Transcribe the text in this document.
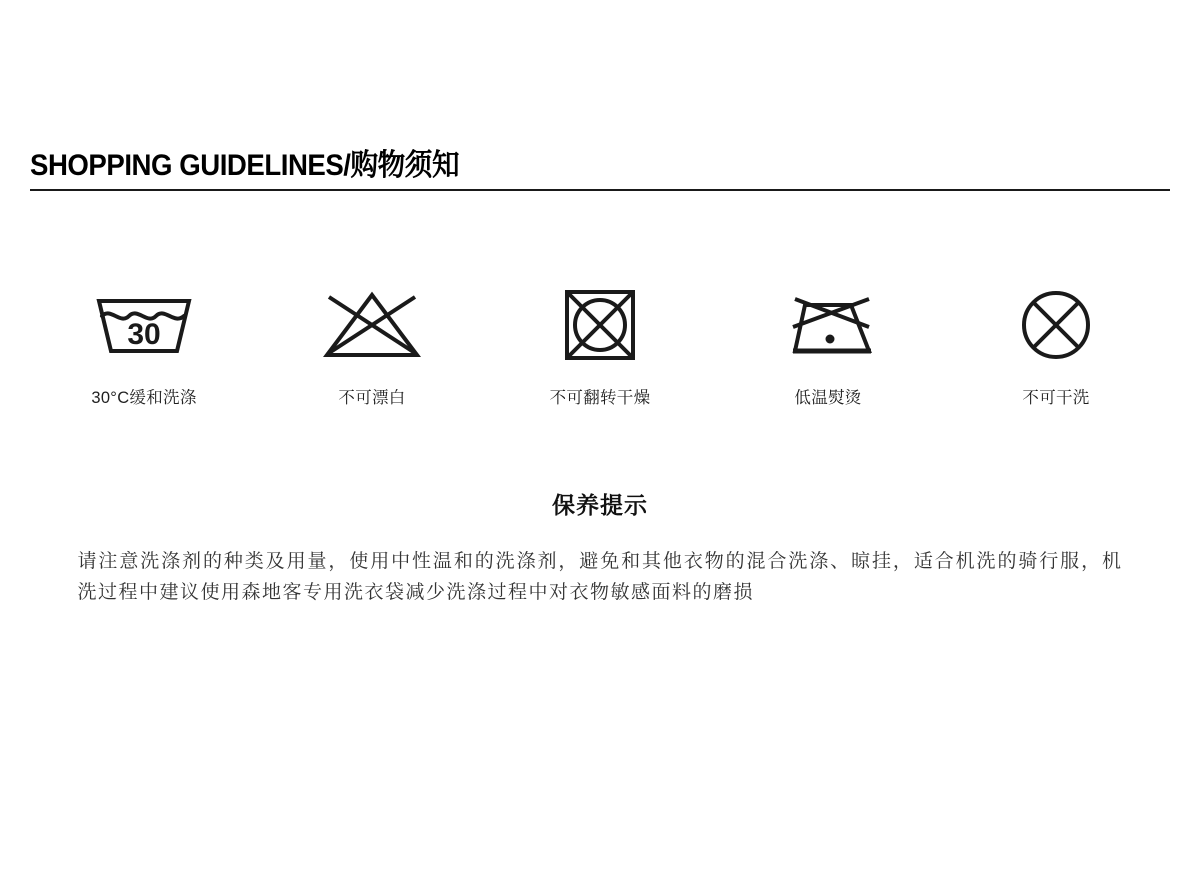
SHOPPING GUIDELINES/购物须知
30
30°C缓和洗涤	不可漂白	不可翻转干燥	低温熨烫	不可干洗
保养提示
请注意洗涤剂的种类及用量，使用中性温和的洗涤剂，避免和其他衣物的混合洗涤、晾挂，适合机洗的骑行服，机洗过程中建议使用森地客专用洗衣袋减少洗涤过程中对衣物敏感面料的磨损
